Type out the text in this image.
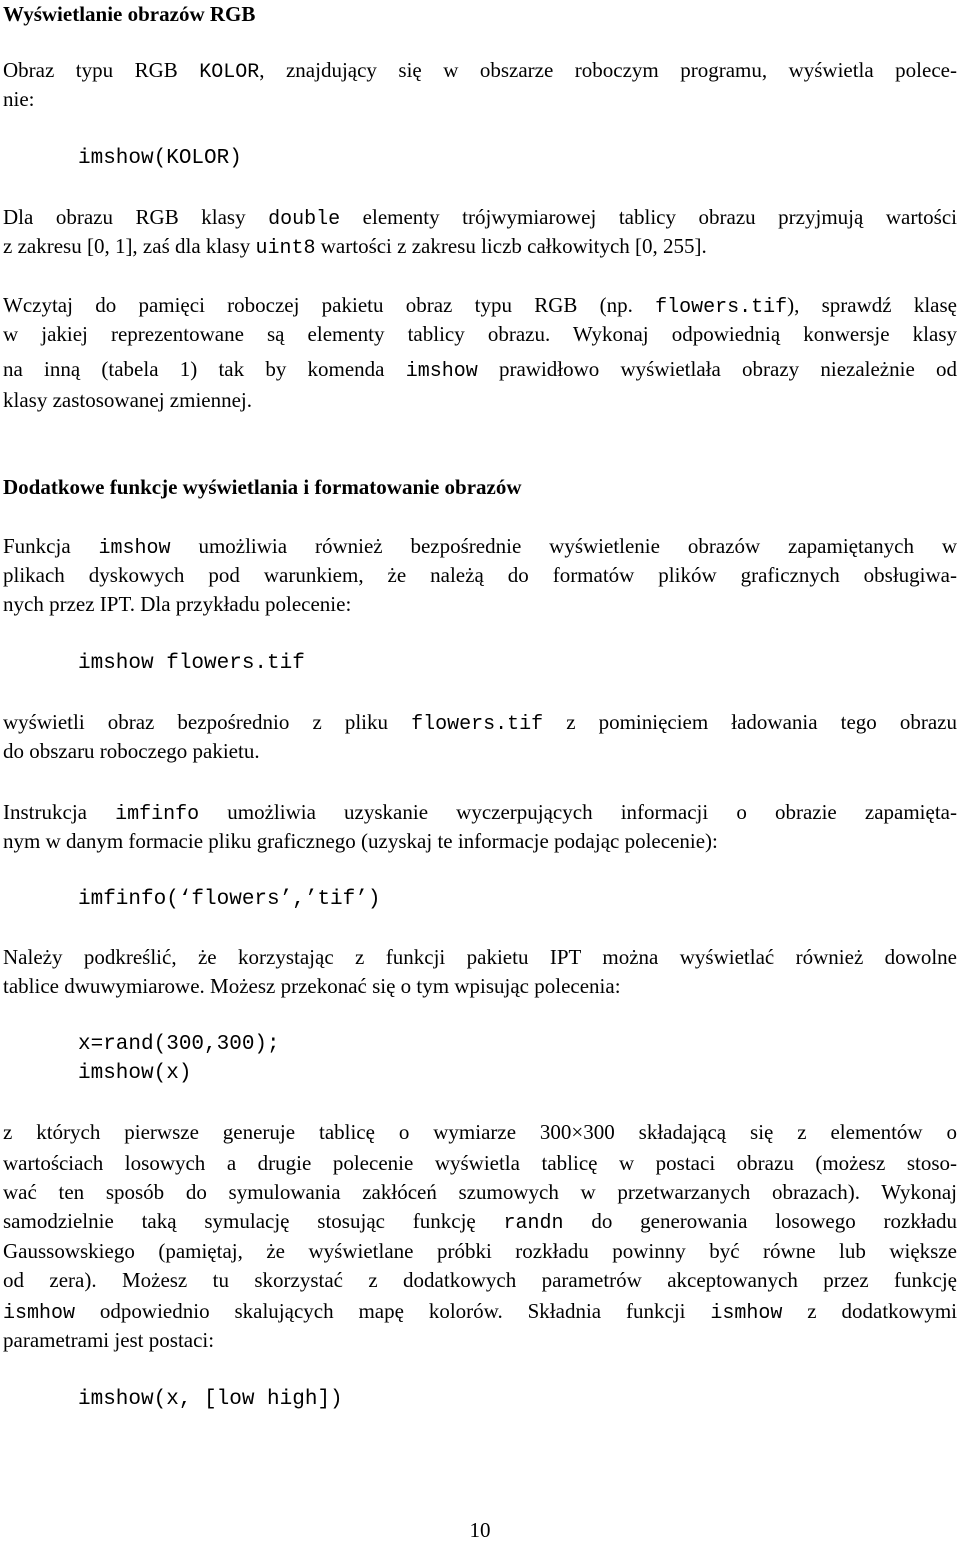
Wyświetlanie obrazów RGB
Obraz typu RGB KOLOR, znajdujący się w obszarze roboczym programu, wyświetla polece-
nie:
imshow(KOLOR)
Dla obrazu RGB klasy double elementy trójwymiarowej tablicy obrazu przyjmują wartości
z zakresu [0, 1], zaś dla klasy uint8 wartości z zakresu liczb całkowitych [0, 255].
Wczytaj do pamięci roboczej pakietu obraz typu RGB (np. flowers.tif), sprawdź klasę
w jakiej reprezentowane są elementy tablicy obrazu. Wykonaj odpowiednią konwersje klasy
na inną (tabela 1) tak by komenda imshow prawidłowo wyświetlała obrazy niezależnie od
klasy zastosowanej zmiennej.
Dodatkowe funkcje wyświetlania i formatowanie obrazów
Funkcja imshow umożliwia również bezpośrednie wyświetlenie obrazów zapamiętanych w
plikach dyskowych pod warunkiem, że należą do formatów plików graficznych obsługiwa-
nych przez IPT. Dla przykładu polecenie:
imshow flowers.tif
wyświetli obraz bezpośrednio z pliku flowers.tif z pominięciem ładowania tego obrazu
do obszaru roboczego pakietu.
Instrukcja imfinfo umożliwia uzyskanie wyczerpujących informacji o obrazie zapamięta-
nym w danym formacie pliku graficznego (uzyskaj te informacje podając polecenie):
imfinfo(‘flowers’,’tif’)
Należy podkreślić, że korzystając z funkcji pakietu IPT można wyświetlać również dowolne
tablice dwuwymiarowe. Możesz przekonać się o tym wpisując polecenia:
x=rand(300,300);
imshow(x)
z których pierwsze generuje tablicę o wymiarze 300×300 składającą się z elementów o
wartościach losowych a drugie polecenie wyświetla tablicę w postaci obrazu (możesz stoso-
wać ten sposób do symulowania zakłóceń szumowych w przetwarzanych obrazach). Wykonaj
samodzielnie taką symulację stosując funkcję randn do generowania losowego rozkładu
Gaussowskiego (pamiętaj, że wyświetlane próbki rozkładu powinny być równe lub większe
od zera). Możesz tu skorzystać z dodatkowych parametrów akceptowanych przez funkcję
ismhow odpowiednio skalujących mapę kolorów. Składnia funkcji ismhow z dodatkowymi
parametrami jest postaci:
imshow(x, [low high])
10
